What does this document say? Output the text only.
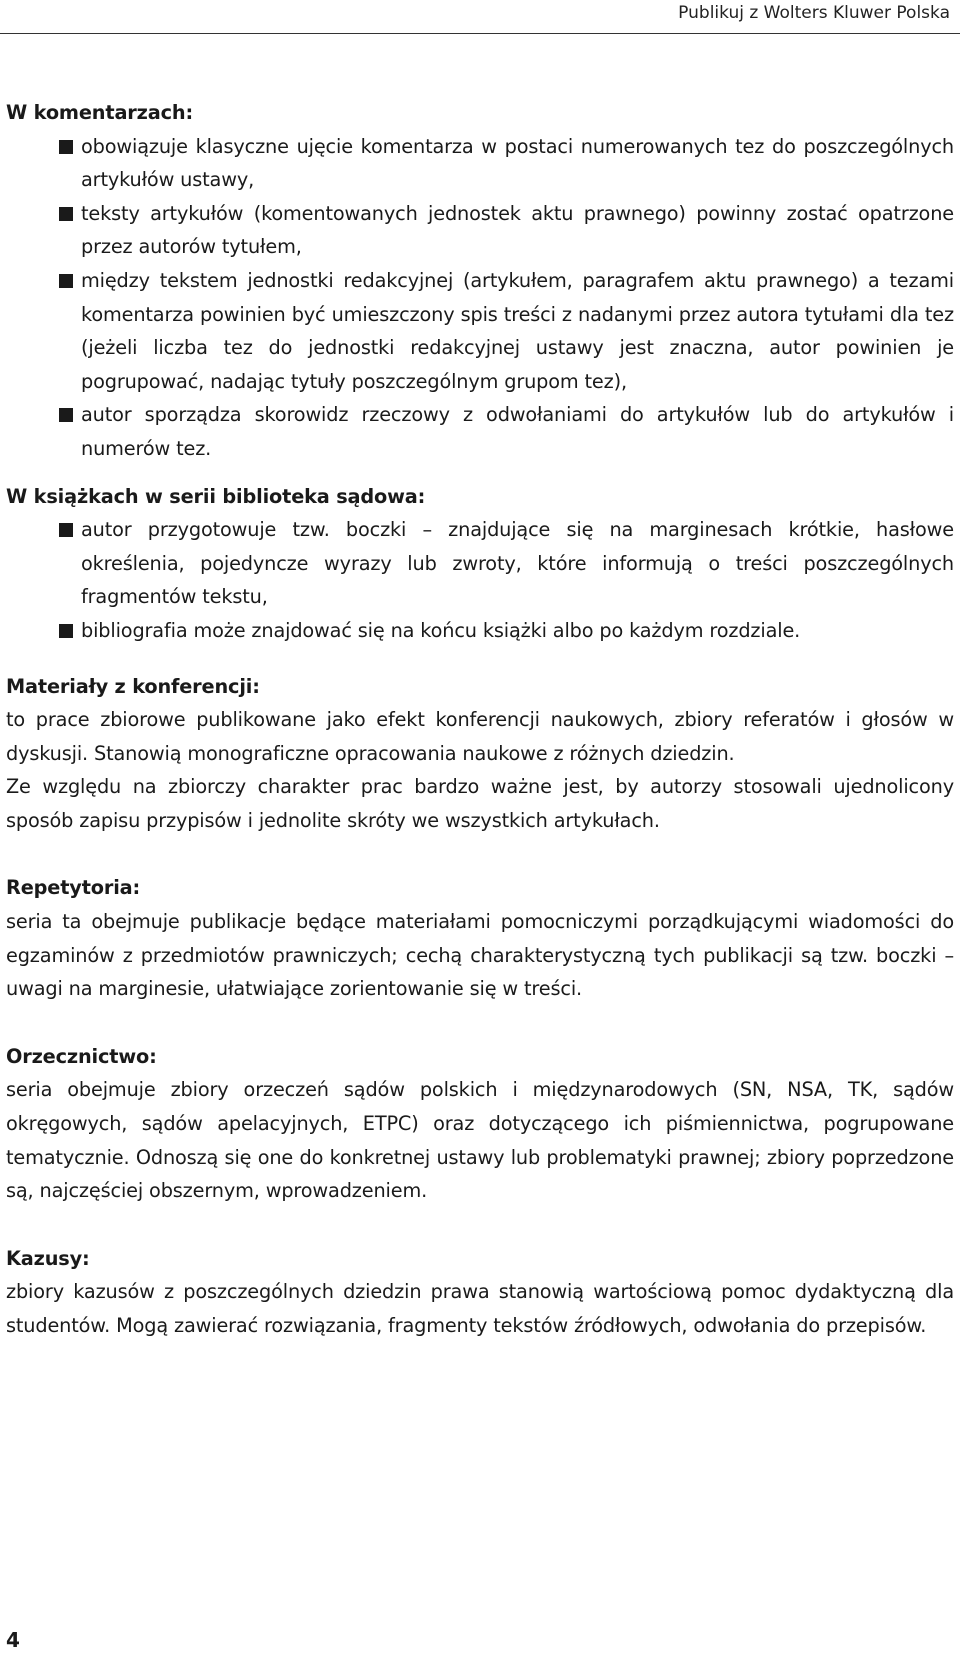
Publikuj z Wolters Kluwer Polska

W komentarzach:

obowiązuje klasyczne ujęcie komentarza w postaci numerowanych tez do poszczególnych artykułów ustawy,
teksty artykułów (komentowanych jednostek aktu prawnego) powinny zostać opatrzone przez autorów tytułem,
między tekstem jednostki redakcyjnej (artykułem, paragrafem aktu prawnego) a tezami komentarza powinien być umieszczony spis treści z nadanymi przez autora tytułami dla tez (jeżeli liczba tez do jednostki redakcyjnej ustawy jest znaczna, autor powinien je pogrupować, nadając tytuły poszczególnym grupom tez),
autor sporządza skorowidz rzeczowy z odwołaniami do artykułów lub do artykułów i numerów tez.

W książkach w serii biblioteka sądowa:

autor przygotowuje tzw. boczki – znajdujące się na marginesach krótkie, hasłowe określenia, pojedyncze wyrazy lub zwroty, które informują o treści poszczególnych fragmentów tekstu,
bibliografia może znajdować się na końcu książki albo po każdym rozdziale.

Materiały z konferencji:

to prace zbiorowe publikowane jako efekt konferencji naukowych, zbiory referatów i głosów w dyskusji. Stanowią monograficzne opracowania naukowe z różnych dziedzin.

Ze względu na zbiorczy charakter prac bardzo ważne jest, by autorzy stosowali ujednolicony sposób zapisu przypisów i jednolite skróty we wszystkich artykułach.

Repetytoria:

seria ta obejmuje publikacje będące materiałami pomocniczymi porządkującymi wiadomości do egzaminów z przedmiotów prawniczych; cechą charakterystyczną tych publikacji są tzw. boczki – uwagi na marginesie, ułatwiające zorientowanie się w treści.

Orzecznictwo:

seria obejmuje zbiory orzeczeń sądów polskich i międzynarodowych (SN, NSA, TK, sądów okręgowych, sądów apelacyjnych, ETPC) oraz dotyczącego ich piśmiennictwa, pogrupowane tematycznie. Odnoszą się one do konkretnej ustawy lub problematyki prawnej; zbiory poprzedzone są, najczęściej obszernym, wprowadzeniem.

Kazusy:

zbiory kazusów z poszczególnych dziedzin prawa stanowią wartościową pomoc dydaktyczną dla studentów. Mogą zawierać rozwiązania, fragmenty tekstów źródłowych, odwołania do przepisów.

4
